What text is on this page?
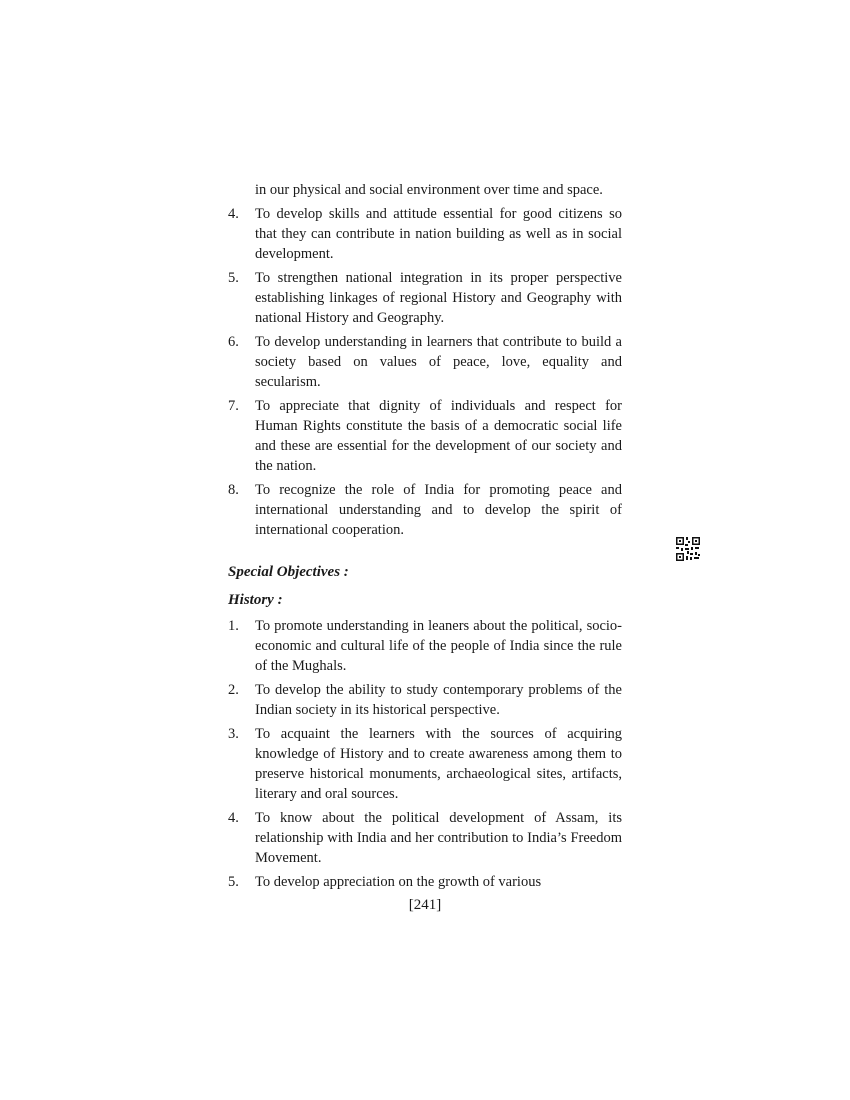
in our physical and social environment over time and space.
4.	To develop skills and attitude essential for good citizens so that they can contribute in nation building as well as in social development.
5.	To strengthen national integration in its proper perspective establishing linkages of regional History and Geography with national History and Geography.
6.	To develop understanding in learners that contribute to build a society based on values of peace, love, equality and secularism.
7.	To appreciate that dignity of individuals and respect for Human Rights constitute the basis of a democratic social life and these are essential for the development of our society and the nation.
8.	To recognize the role of India for promoting peace and international understanding and to develop the spirit of international cooperation.
Special Objectives :
History :
1.	To promote understanding in leaners about the political, socio-economic and cultural life of the people of India since the rule of the Mughals.
2.	To develop the ability to study contemporary problems of the Indian society in its historical perspective.
3.	To acquaint the learners with the sources of acquiring knowledge of History and to create awareness among them to preserve historical monuments, archaeological sites, artifacts, literary and oral sources.
4.	To know about the political development of Assam, its relationship with India and her contribution to India’s Freedom Movement.
5.	To develop appreciation on the growth of various
[241]
